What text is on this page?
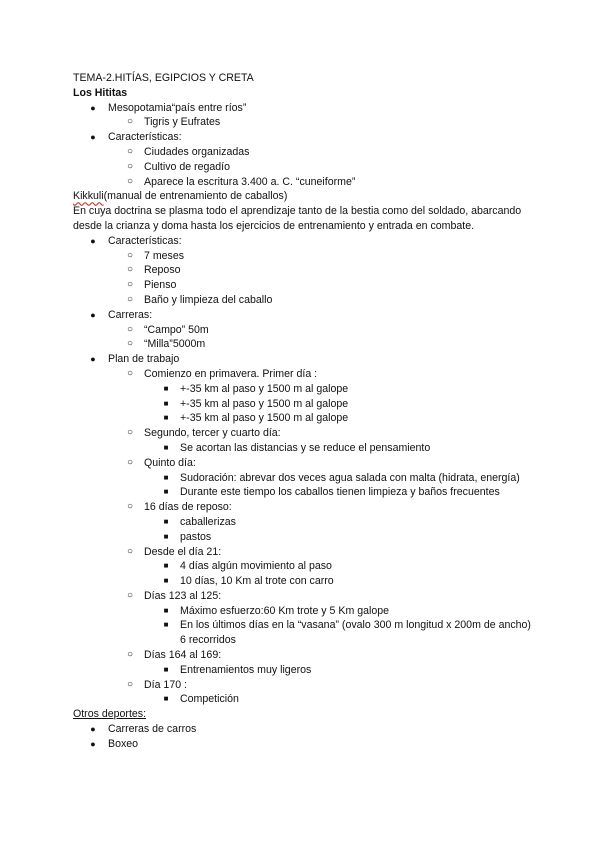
TEMA-2.HITÍAS, EGIPCIOS Y CRETA
Los Hititas
●	Mesopotamia“país entre ríos”
○ Tigris y Eufrates
●	Características:
○ Ciudades organizadas
○ Cultivo de regadío
○ Aparece la escritura 3.400 a. C. “cuneiforme”
Kikkuli(manual de entrenamiento de caballos)
En cuya doctrina se plasma todo el aprendizaje tanto de la bestia como del soldado, abarcando desde la crianza y doma hasta los ejercicios de entrenamiento y entrada en combate.
●	Características:
○ 7 meses
○ Reposo
○ Pienso
○ Baño y limpieza del caballo
●	Carreras:
○ “Campo” 50m
○ “Milla”5000m
●	Plan de trabajo
○ Comienzo en primavera. Primer día :
■	+-35 km al paso y 1500 m al galope
■	+-35 km al paso y 1500 m al galope
■	+-35 km al paso y 1500 m al galope
○ Segundo, tercer y cuarto día:
■	Se acortan las distancias y se reduce el pensamiento
○ Quinto día:
■	Sudoración: abrevar dos veces agua salada con malta (hidrata, energía)
■	Durante este tiempo los caballos tienen limpieza y baños frecuentes
○ 16 días de reposo:
■	caballerizas
■	pastos
○ Desde el día 21:
■	4 días algún movimiento al paso
■	10 días, 10 Km al trote con carro
○ Días 123 al 125:
■	Máximo esfuerzo:60 Km trote y 5 Km galope
■	En los últimos días en la “vasana” (ovalo 300 m longitud x 200m de ancho) 6 recorridos
○ Días 164 al 169:
■	Entrenamientos muy ligeros
○ Día 170 :
■	Competición
Otros deportes:
●	Carreras de carros
●	Boxeo
